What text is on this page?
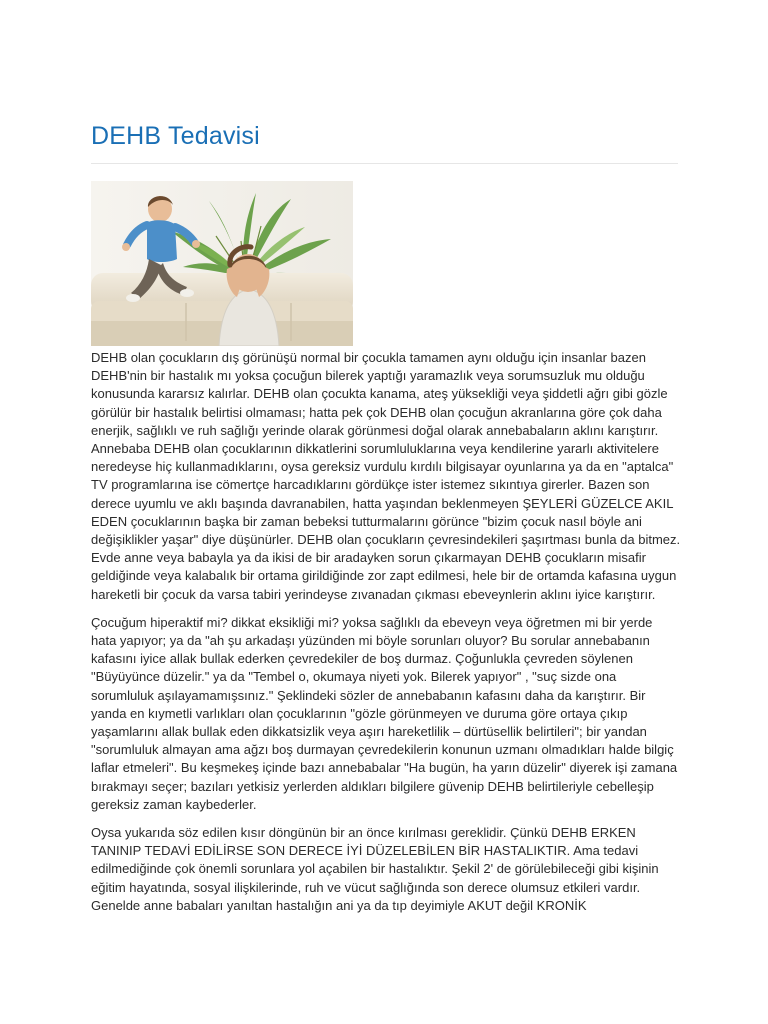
DEHB Tedavisi

DEHB olan çocukların dış görünüşü normal bir çocukla tamamen aynı olduğu için insanlar bazen DEHB'nin bir hastalık mı yoksa çocuğun bilerek yaptığı yaramazlık veya sorumsuzluk mu olduğu konusunda kararsız kalırlar. DEHB olan çocukta kanama, ateş yüksekliği veya şiddetli ağrı gibi gözle görülür bir hastalık belirtisi olmaması; hatta pek çok DEHB olan çocuğun akranlarına göre çok daha enerjik, sağlıklı ve ruh sağlığı yerinde olarak görünmesi doğal olarak annebabaların aklını karıştırır. Annebaba DEHB olan çocuklarının dikkatlerini sorumluluklarına veya kendilerine yararlı aktivitelere neredeyse hiç kullanmadıklarını, oysa gereksiz vurdulu kırdılı bilgisayar oyunlarına ya da en "aptalca" TV programlarına ise cömertçe harcadıklarını gördükçe ister istemez sıkıntıya girerler. Bazen son derece uyumlu ve aklı başında davranabilen, hatta yaşından beklenmeyen ŞEYLERİ GÜZELCE AKIL EDEN çocuklarının başka bir zaman bebeksi tutturmalarını görünce "bizim çocuk nasıl böyle ani değişiklikler yaşar" diye düşünürler. DEHB olan çocukların çevresindekileri şaşırtması bunla da bitmez. Evde anne veya babayla ya da ikisi de bir aradayken sorun çıkarmayan DEHB çocukların misafir geldiğinde veya kalabalık bir ortama girildiğinde zor zapt edilmesi, hele bir de ortamda kafasına uygun hareketli bir çocuk da varsa tabiri yerindeyse zıvanadan çıkması ebeveynlerin aklını iyice karıştırır.

Çocuğum hiperaktif mi? dikkat eksikliği mi? yoksa sağlıklı da ebeveyn veya öğretmen mi bir yerde hata yapıyor; ya da "ah şu arkadaşı yüzünden mi böyle sorunları oluyor? Bu sorular annebabanın kafasını iyice allak bullak ederken çevredekiler de boş durmaz. Çoğunlukla çevreden söylenen "Büyüyünce düzelir." ya da "Tembel o, okumaya niyeti yok. Bilerek yapıyor" , "suç sizde ona sorumluluk aşılayamamışsınız." Şeklindeki sözler de annebabanın kafasını daha da karıştırır. Bir yanda en kıymetli varlıkları olan çocuklarının "gözle görünmeyen ve duruma göre ortaya çıkıp yaşamlarını allak bullak eden dikkatsizlik veya aşırı hareketlilik – dürtüsellik belirtileri"; bir yandan "sorumluluk almayan ama ağzı boş durmayan çevredekilerin konunun uzmanı olmadıkları halde bilgiç laflar etmeleri". Bu keşmekeş içinde bazı annebabalar "Ha bugün, ha yarın düzelir" diyerek işi zamana bırakmayı seçer; bazıları yetkisiz yerlerden aldıkları bilgilere güvenip DEHB belirtileriyle cebelleşip gereksiz zaman kaybederler.

Oysa yukarıda söz edilen kısır döngünün bir an önce kırılması gereklidir. Çünkü DEHB ERKEN TANINIP TEDAVİ EDİLİRSE SON DERECE İYİ DÜZELEBİLEN BİR HASTALIKTIR. Ama tedavi edilmediğinde çok önemli sorunlara yol açabilen bir hastalıktır. Şekil 2' de görülebileceği gibi kişinin eğitim hayatında, sosyal ilişkilerinde, ruh ve vücut sağlığında son derece olumsuz etkileri vardır. Genelde anne babaları yanıltan hastalığın ani ya da tıp deyimiyle AKUT değil KRONİK
